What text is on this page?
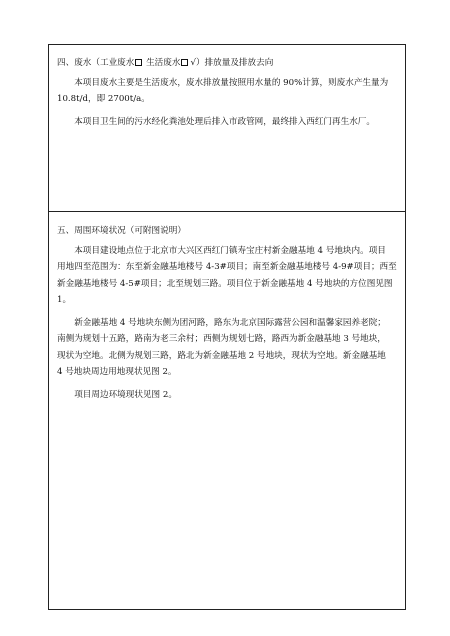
四、废水（工业废水 生活废水 √）排放量及排放去向
本项目废水主要是生活废水，废水排放量按照用水量的 90%计算，则废水产生量为
10.8t/d，即 2700t/a。
本项目卫生间的污水经化粪池处理后排入市政管网，最终排入西红门再生水厂。
五、周围环境状况（可附图说明）
本项目建设地点位于北京市大兴区西红门镇寿宝庄村新金融基地 4 号地块内。项目
用地四至范围为：东至新金融基地楼号 4-3#项目；南至新金融基地楼号 4-9#项目；西至
新金融基地楼号 4-5#项目；北至规划三路。项目位于新金融基地 4 号地块的方位图见图
1。
新金融基地 4 号地块东侧为团河路，路东为北京国际露营公园和温馨家园养老院；
南侧为规划十五路，路南为老三余村；西侧为规划七路，路西为新金融基地 3 号地块，
现状为空地。北侧为规划三路，路北为新金融基地 2 号地块，现状为空地。新金融基地
4 号地块周边用地现状见图 2。
项目周边环境现状见图 2。
